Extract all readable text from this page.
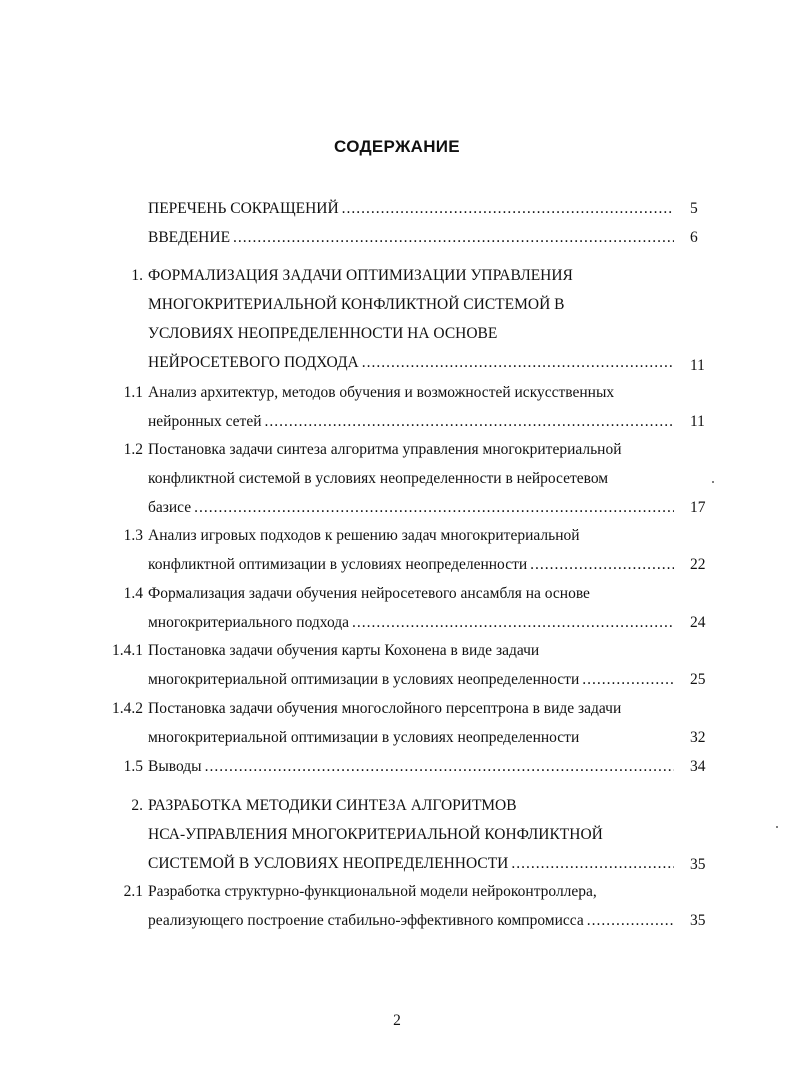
СОДЕРЖАНИЕ
ПЕРЕЧЕНЬ СОКРАЩЕНИЙ .....	5
ВВЕДЕНИЕ .....	6
1. ФОРМАЛИЗАЦИЯ ЗАДАЧИ ОПТИМИЗАЦИИ УПРАВЛЕНИЯ
МНОГОКРИТЕРИАЛЬНОЙ КОНФЛИКТНОЙ СИСТЕМОЙ В
УСЛОВИЯХ НЕОПРЕДЕЛЕННОСТИ НА ОСНОВЕ
НЕЙРОСЕТЕВОГО ПОДХОДА .....	11
1.1 Анализ архитектур, методов обучения и возможностей искусственных
нейронных сетей .....	11
1.2 Постановка задачи синтеза алгоритма управления многокритериальной
конфликтной системой в условиях неопределенности в нейросетевом
базисе .....	17
1.3 Анализ игровых подходов к решению задач многокритериальной
конфликтной оптимизации в условиях неопределенности .....	22
1.4 Формализация задачи обучения нейросетевого ансамбля на основе
многокритериального подхода .....	24
1.4.1 Постановка задачи обучения карты Кохонена в виде задачи
многокритериальной оптимизации в условиях неопределенности .....	25
1.4.2 Постановка задачи обучения многослойного персептрона в виде задачи
многокритериальной оптимизации в условиях неопределенности	32
1.5 Выводы .....	34
2. РАЗРАБОТКА МЕТОДИКИ СИНТЕЗА АЛГОРИТМОВ
НСА-УПРАВЛЕНИЯ МНОГОКРИТЕРИАЛЬНОЙ КОНФЛИКТНОЙ
СИСТЕМОЙ В УСЛОВИЯХ НЕОПРЕДЕЛЕННОСТИ .....	35
2.1 Разработка структурно-функциональной модели нейроконтроллера,
реализующего построение стабильно-эффективного компромисса .....	35
2
